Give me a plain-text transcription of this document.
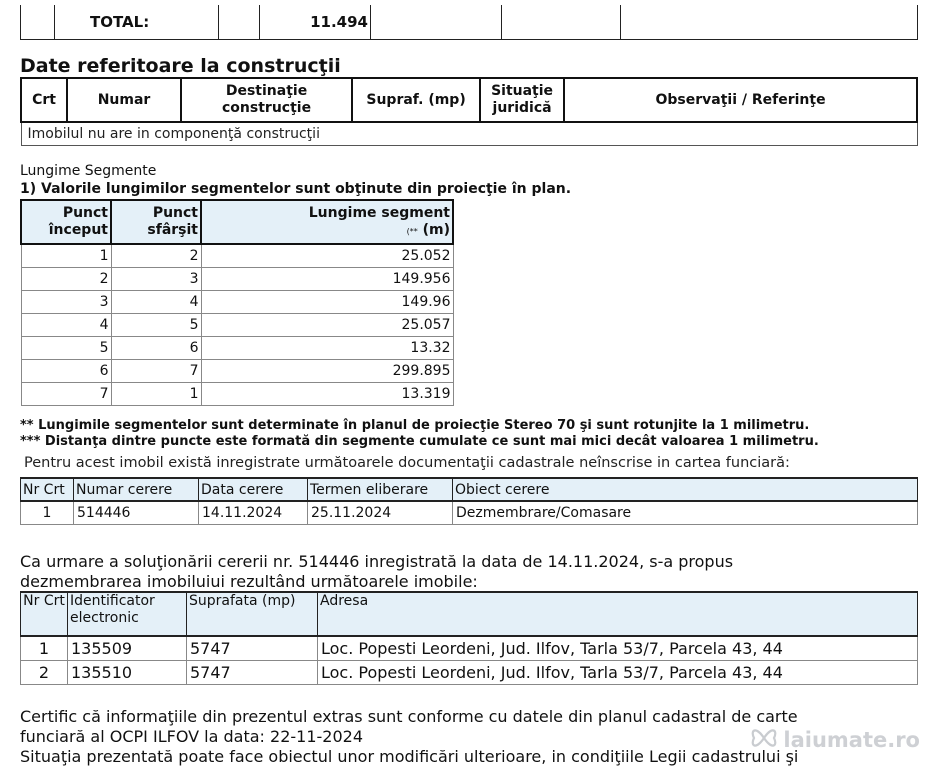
	TOTAL:		11.494			
Date referitoare la construcţii
Crt	Numar	Destinaţie construcţie	Supraf. (mp)	Situaţie juridică	Observaţii / Referinţe
Imobilul nu are in componenţă construcţii
Lungime Segmente
1) Valorile lungimilor segmentelor sunt obţinute din proiecţie în plan.
Punct început	Punct sfârşit	Lungime segment
(** (m)

1	2	25.052
2	3	149.956
3	4	149.96
4	5	25.057
5	6	13.32
6	7	299.895
7	1	13.319
** Lungimile segmentelor sunt determinate în planul de proiecţie Stereo 70 şi sunt rotunjite la 1 milimetru.
*** Distanţa dintre puncte este formată din segmente cumulate ce sunt mai mici decât valoarea 1 milimetru.
Pentru acest imobil există inregistrate următoarele documentaţii cadastrale neînscrise in cartea funciară:
Nr Crt	Numar cerere	Data cerere	Termen eliberare	Obiect cerere
1	514446	14.11.2024	25.11.2024	Dezmembrare/Comasare
Ca urmare a soluţionării cererii nr. 514446 inregistrată la data de 14.11.2024, s-a propus
dezmembrarea imobiluiui rezultând următoarele imobile:
Nr Crt	Identificator electronic	Suprafata (mp)	Adresa
1	135509	5747	Loc. Popesti Leordeni, Jud. Ilfov, Tarla 53/7, Parcela 43, 44
2	135510	5747	Loc. Popesti Leordeni, Jud. Ilfov, Tarla 53/7, Parcela 43, 44
Certific că informaţiile din prezentul extras sunt conforme cu datele din planul cadastral de carte
funciară al OCPI ILFOV la data: 22-11-2024
Situaţia prezentată poate face obiectul unor modificări ulterioare, in condiţiile Legii cadastrului şi
laiumate.ro
